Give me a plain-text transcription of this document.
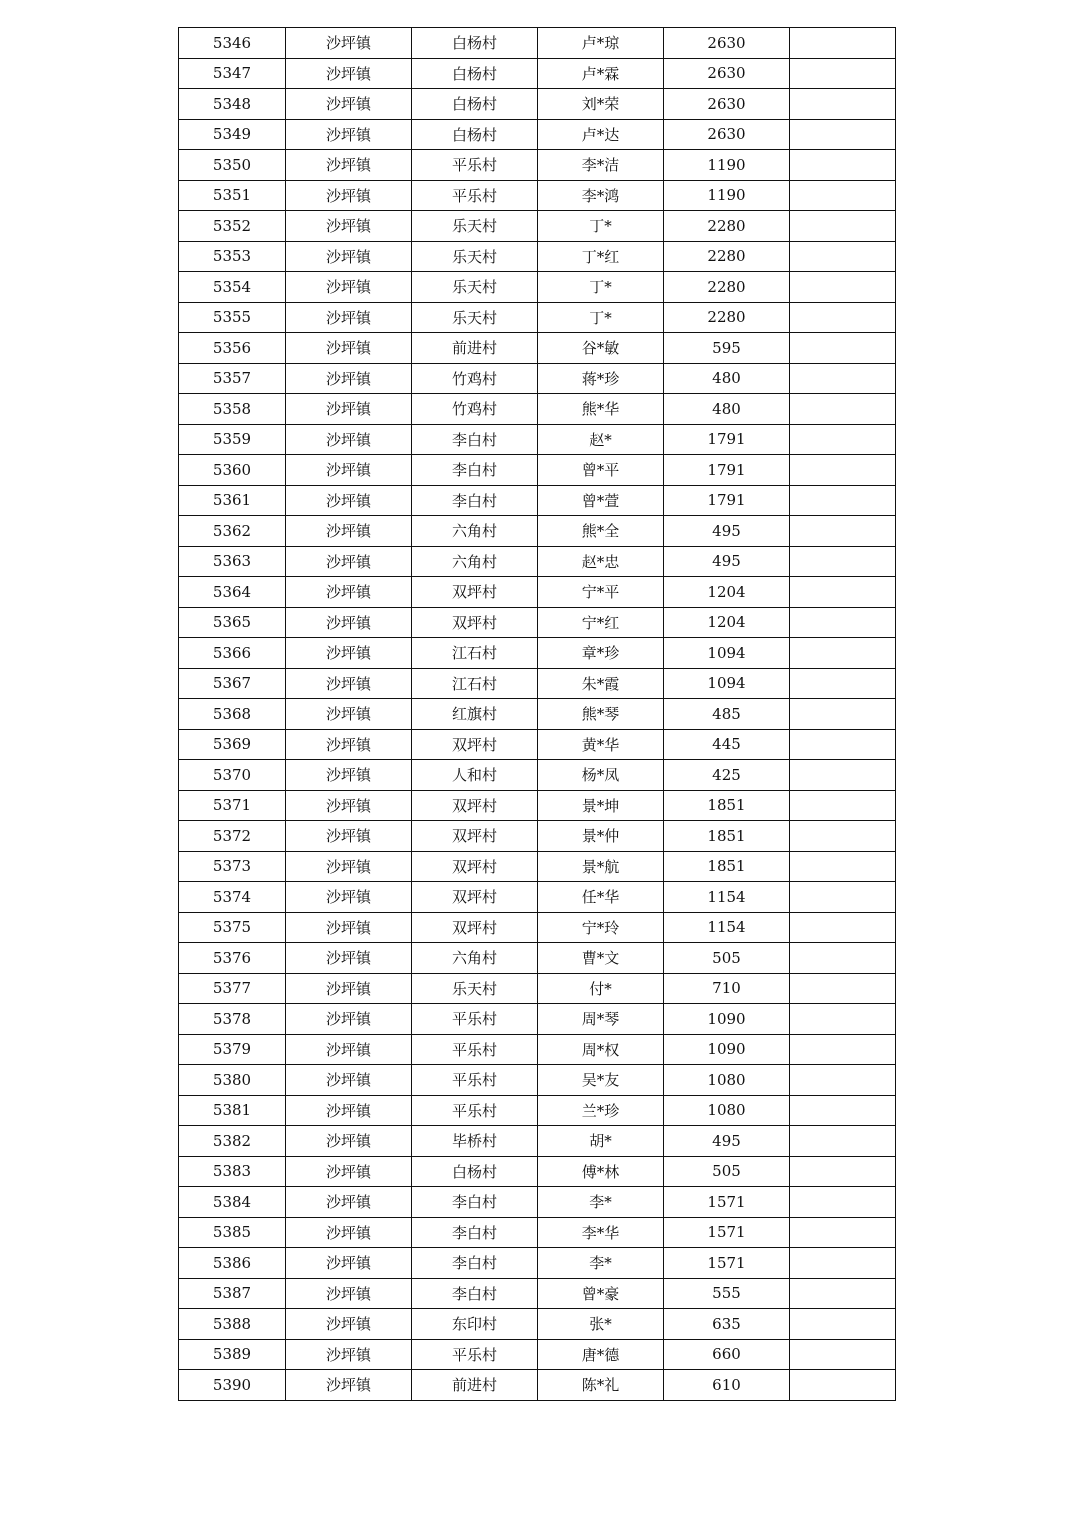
5346	沙坪镇	白杨村	卢*琼	2630	
5347	沙坪镇	白杨村	卢*霖	2630	
5348	沙坪镇	白杨村	刘*荣	2630	
5349	沙坪镇	白杨村	卢*达	2630	
5350	沙坪镇	平乐村	李*洁	1190	
5351	沙坪镇	平乐村	李*鸿	1190	
5352	沙坪镇	乐天村	丁*	2280	
5353	沙坪镇	乐天村	丁*红	2280	
5354	沙坪镇	乐天村	丁*	2280	
5355	沙坪镇	乐天村	丁*	2280	
5356	沙坪镇	前进村	谷*敏	595	
5357	沙坪镇	竹鸡村	蒋*珍	480	
5358	沙坪镇	竹鸡村	熊*华	480	
5359	沙坪镇	李白村	赵*	1791	
5360	沙坪镇	李白村	曾*平	1791	
5361	沙坪镇	李白村	曾*萱	1791	
5362	沙坪镇	六角村	熊*全	495	
5363	沙坪镇	六角村	赵*忠	495	
5364	沙坪镇	双坪村	宁*平	1204	
5365	沙坪镇	双坪村	宁*红	1204	
5366	沙坪镇	江石村	章*珍	1094	
5367	沙坪镇	江石村	朱*霞	1094	
5368	沙坪镇	红旗村	熊*琴	485	
5369	沙坪镇	双坪村	黄*华	445	
5370	沙坪镇	人和村	杨*凤	425	
5371	沙坪镇	双坪村	景*坤	1851	
5372	沙坪镇	双坪村	景*仲	1851	
5373	沙坪镇	双坪村	景*航	1851	
5374	沙坪镇	双坪村	任*华	1154	
5375	沙坪镇	双坪村	宁*玲	1154	
5376	沙坪镇	六角村	曹*文	505	
5377	沙坪镇	乐天村	付*	710	
5378	沙坪镇	平乐村	周*琴	1090	
5379	沙坪镇	平乐村	周*权	1090	
5380	沙坪镇	平乐村	吴*友	1080	
5381	沙坪镇	平乐村	兰*珍	1080	
5382	沙坪镇	毕桥村	胡*	495	
5383	沙坪镇	白杨村	傅*林	505	
5384	沙坪镇	李白村	李*	1571	
5385	沙坪镇	李白村	李*华	1571	
5386	沙坪镇	李白村	李*	1571	
5387	沙坪镇	李白村	曾*豪	555	
5388	沙坪镇	东印村	张*	635	
5389	沙坪镇	平乐村	唐*德	660	
5390	沙坪镇	前进村	陈*礼	610	
